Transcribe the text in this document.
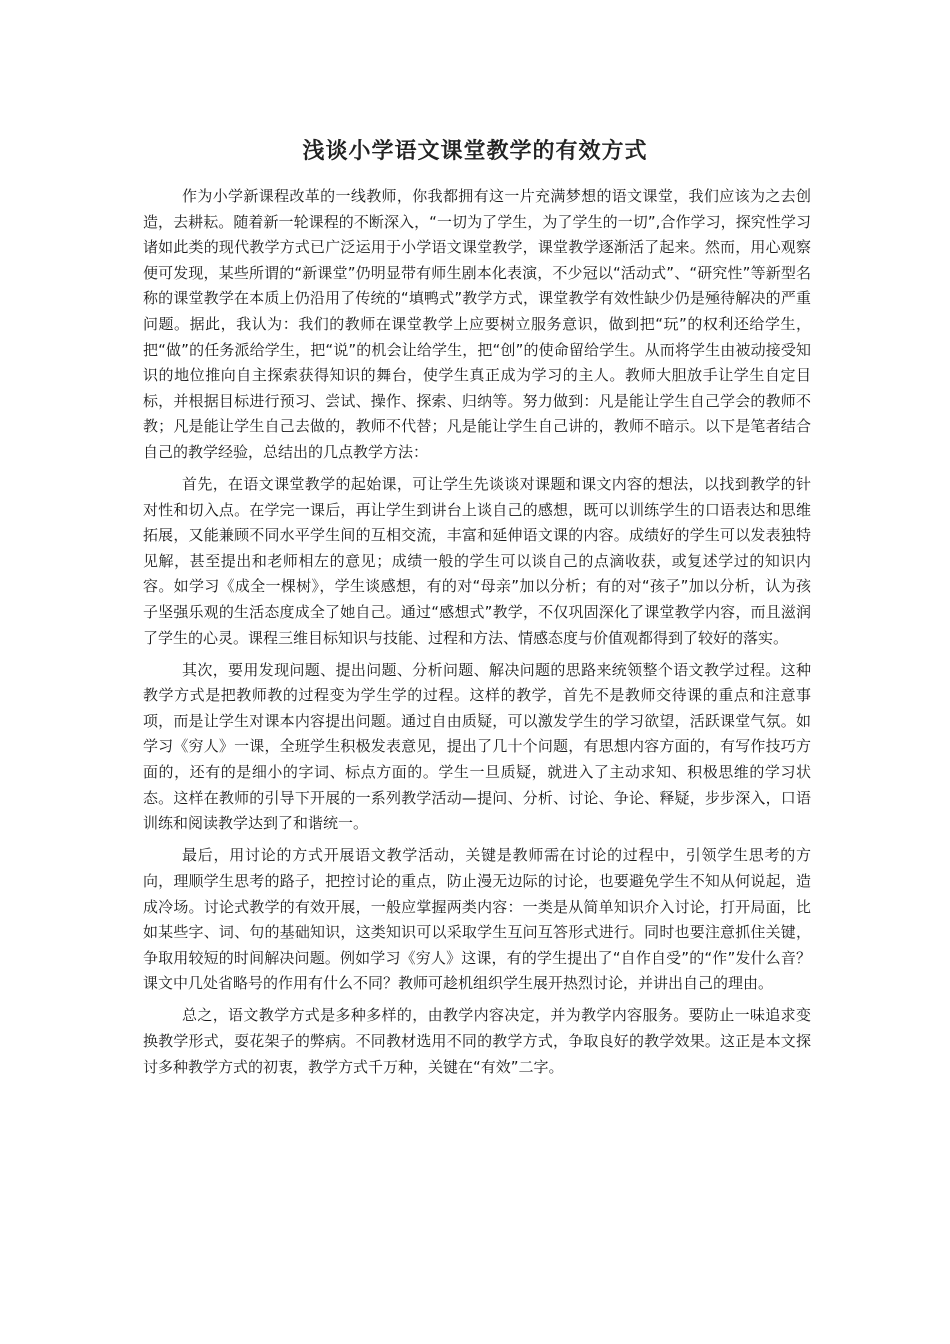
浅谈小学语文课堂教学的有效方式

作为小学新课程改革的一线教师，你我都拥有这一片充满梦想的语文课堂，我们应该为之去创造，去耕耘。随着新一轮课程的不断深入，“一切为了学生，为了学生的一切”,合作学习，探究性学习诸如此类的现代教学方式已广泛运用于小学语文课堂教学，课堂教学逐渐活了起来。然而，用心观察便可发现，某些所谓的“新课堂”仍明显带有师生剧本化表演，不少冠以“活动式”、“研究性”等新型名称的课堂教学在本质上仍沿用了传统的“填鸭式”教学方式，课堂教学有效性缺少仍是殛待解决的严重问题。据此，我认为：我们的教师在课堂教学上应要树立服务意识，做到把“玩”的权利还给学生，把“做”的任务派给学生，把“说”的机会让给学生，把“创”的使命留给学生。从而将学生由被动接受知识的地位推向自主探索获得知识的舞台，使学生真正成为学习的主人。教师大胆放手让学生自定目标，并根据目标进行预习、尝试、操作、探索、归纳等。努力做到：凡是能让学生自己学会的教师不教；凡是能让学生自己去做的，教师不代替；凡是能让学生自己讲的，教师不暗示。以下是笔者结合自己的教学经验，总结出的几点教学方法：

首先，在语文课堂教学的起始课，可让学生先谈谈对课题和课文内容的想法，以找到教学的针对性和切入点。在学完一课后，再让学生到讲台上谈自己的感想，既可以训练学生的口语表达和思维拓展，又能兼顾不同水平学生间的互相交流，丰富和延伸语文课的内容。成绩好的学生可以发表独特见解，甚至提出和老师相左的意见；成绩一般的学生可以谈自己的点滴收获，或复述学过的知识内容。如学习《成全一棵树》，学生谈感想，有的对“母亲”加以分析；有的对“孩子”加以分析，认为孩子坚强乐观的生活态度成全了她自己。通过“感想式”教学，不仅巩固深化了课堂教学内容，而且滋润了学生的心灵。课程三维目标知识与技能、过程和方法、情感态度与价值观都得到了较好的落实。

其次，要用发现问题、提出问题、分析问题、解决问题的思路来统领整个语文教学过程。这种教学方式是把教师教的过程变为学生学的过程。这样的教学，首先不是教师交待课的重点和注意事项，而是让学生对课本内容提出问题。通过自由质疑，可以激发学生的学习欲望，活跃课堂气氛。如学习《穷人》一课，全班学生积极发表意见，提出了几十个问题，有思想内容方面的，有写作技巧方面的，还有的是细小的字词、标点方面的。学生一旦质疑，就进入了主动求知、积极思维的学习状态。这样在教师的引导下开展的一系列教学活动—提问、分析、讨论、争论、释疑，步步深入，口语训练和阅读教学达到了和谐统一。

最后，用讨论的方式开展语文教学活动，关键是教师需在讨论的过程中，引领学生思考的方向，理顺学生思考的路子，把控讨论的重点，防止漫无边际的讨论，也要避免学生不知从何说起，造成冷场。讨论式教学的有效开展，一般应掌握两类内容：一类是从简单知识介入讨论，打开局面，比如某些字、词、句的基础知识，这类知识可以采取学生互问互答形式进行。同时也要注意抓住关键，争取用较短的时间解决问题。例如学习《穷人》这课，有的学生提出了“自作自受”的“作”发什么音？课文中几处省略号的作用有什么不同？教师可趁机组织学生展开热烈讨论，并讲出自己的理由。

总之，语文教学方式是多种多样的，由教学内容决定，并为教学内容服务。要防止一味追求变换教学形式，耍花架子的弊病。不同教材选用不同的教学方式，争取良好的教学效果。这正是本文探讨多种教学方式的初衷，教学方式千万种，关键在“有效”二字。
